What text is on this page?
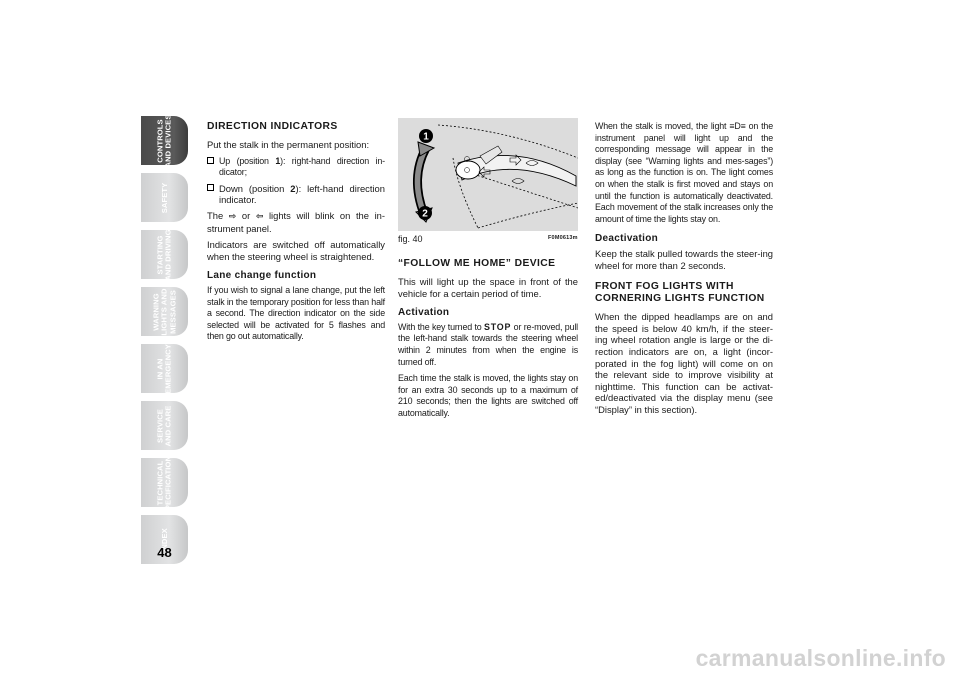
CONTROLS
AND DEVICES
SAFETY
STARTING
AND DRIVING
WARNING
LIGHTS AND
MESSAGES
IN AN
EMERGENCY
SERVICE
AND CARE
TECHNICAL
SPECIFICATIONS
INDEX
48
DIRECTION INDICATORS

Put the stalk in the permanent position:

Up (position 1): right-hand direction in-dicator;
Down (position 2): left-hand direction indicator.

The ⇨ or ⇦ lights will blink on the in-strument panel.

Indicators are switched off automatically when the steering wheel is straightened.

Lane change function

If you wish to signal a lane change, put the left stalk in the temporary position for less than half a second. The direction indicator on the side selected will be activated for 5 flashes and then go out automatically.

1
2
fig. 40	F0M0613m
“FOLLOW ME HOME” DEVICE

This will light up the space in front of the vehicle for a certain period of time.

Activation

With the key turned to STOP or re-moved, pull the left-hand stalk towards the steering wheel within 2 minutes from when the engine is turned off.

Each time the stalk is moved, the lights stay on for an extra 30 seconds up to a maximum of 210 seconds; then the lights are switched off automatically.

When the stalk is moved, the light ≡D≡ on the instrument panel will light up and the corresponding message will appear in the display (see “Warning lights and mes-sages”) as long as the function is on. The light comes on when the stalk is first moved and stays on until the function is automatically deactivated. Each movement of the stalk increases only the amount of time the lights stay on.

Deactivation

Keep the stalk pulled towards the steer-ing wheel for more than 2 seconds.

FRONT FOG LIGHTS WITH CORNERING LIGHTS FUNCTION

When the dipped headlamps are on and the speed is below 40 km/h, if the steer-ing wheel rotation angle is large or the di-rection indicators are on, a light (incor-porated in the fog light) will come on on the relevant side to improve visibility at nighttime. This function can be activat-ed/deactivated via the display menu (see “Display” in this section).

carmanualsonline.info
